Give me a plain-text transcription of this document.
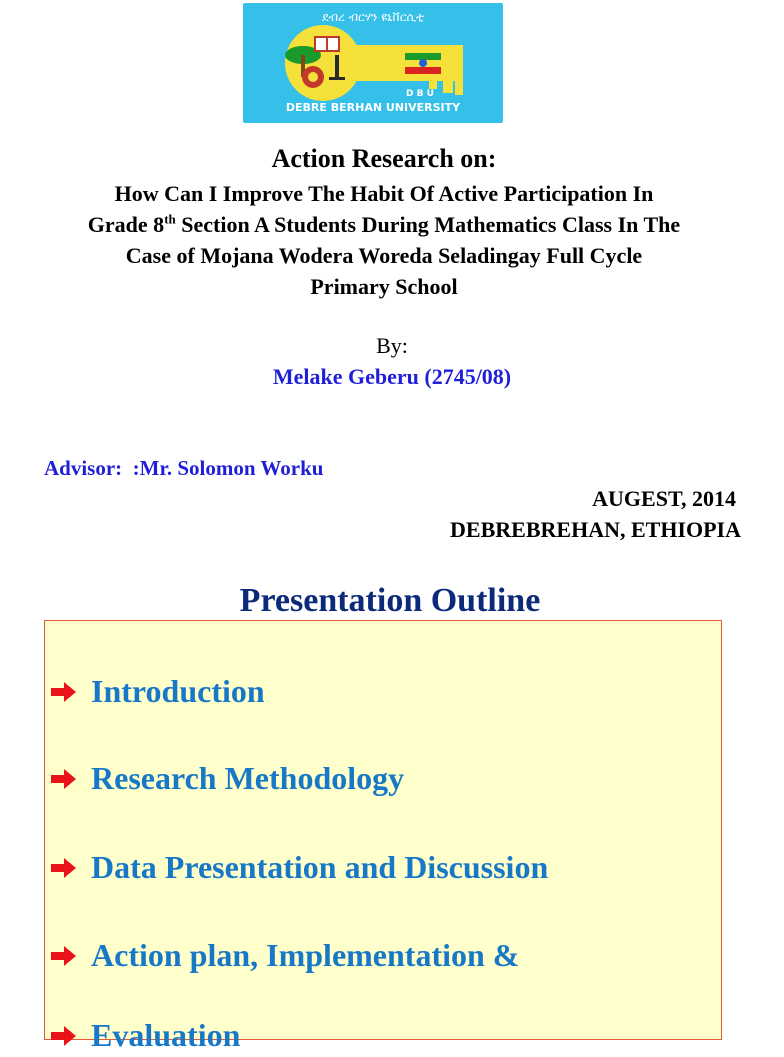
ደብረ ብርሃን ዩኒቨርሲቲ
D B U
DEBRE BERHAN UNIVERSITY
Action Research on:
How Can I Improve The Habit Of Active Participation In
Grade 8th Section A Students During Mathematics Class In The
Case of Mojana Wodera Woreda Seladingay Full Cycle
Primary School
By:
Melake Geberu (2745/08)
Advisor:  :Mr. Solomon Worku
AUGEST, 2014
DEBREBREHAN, ETHIOPIA
Presentation Outline
Introduction
Research Methodology
Data Presentation and Discussion
Action plan, Implementation &
Evaluation
